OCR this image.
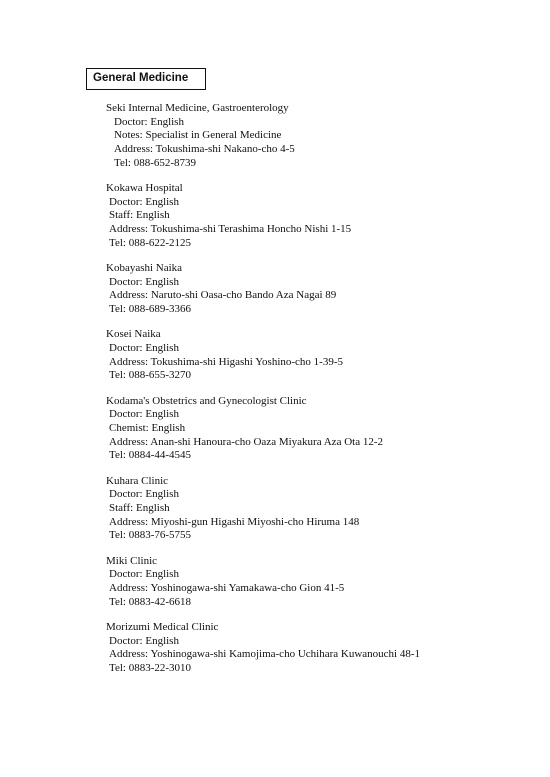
General Medicine
Seki Internal Medicine, Gastroenterology
Doctor: English
Notes: Specialist in General Medicine
Address: Tokushima-shi Nakano-cho 4-5
Tel: 088-652-8739
Kokawa Hospital
Doctor: English
Staff: English
Address: Tokushima-shi Terashima Honcho Nishi 1-15
Tel: 088-622-2125
Kobayashi Naika
Doctor: English
Address: Naruto-shi Oasa-cho Bando Aza Nagai 89
Tel: 088-689-3366
Kosei Naika
Doctor: English
Address: Tokushima-shi Higashi Yoshino-cho 1-39-5
Tel: 088-655-3270
Kodama's Obstetrics and Gynecologist Clinic
Doctor: English
Chemist: English
Address: Anan-shi Hanoura-cho Oaza Miyakura Aza Ota 12-2
Tel: 0884-44-4545
Kuhara Clinic
Doctor: English
Staff: English
Address: Miyoshi-gun Higashi Miyoshi-cho Hiruma 148
Tel: 0883-76-5755
Miki Clinic
Doctor: English
Address: Yoshinogawa-shi Yamakawa-cho Gion 41-5
Tel: 0883-42-6618
Morizumi Medical Clinic
Doctor: English
Address: Yoshinogawa-shi Kamojima-cho Uchihara Kuwanouchi 48-1
Tel: 0883-22-3010
